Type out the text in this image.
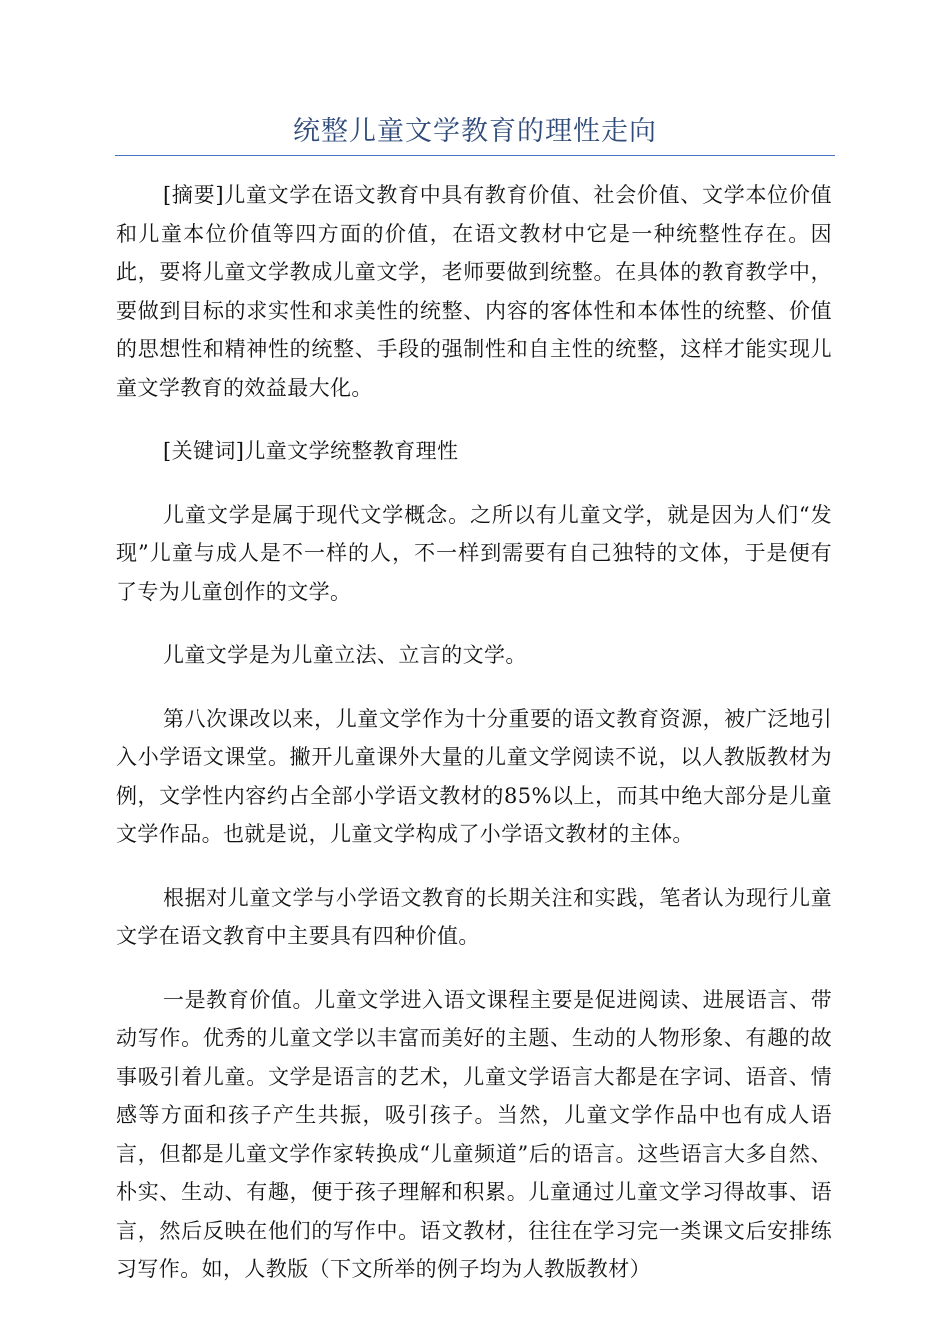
统整儿童文学教育的理性走向

[摘要]儿童文学在语文教育中具有教育价值、社会价值、文学本位价值和儿童本位价值等四方面的价值，在语文教材中它是一种统整性存在。因此，要将儿童文学教成儿童文学，老师要做到统整。在具体的教育教学中，要做到目标的求实性和求美性的统整、内容的客体性和本体性的统整、价值的思想性和精神性的统整、手段的强制性和自主性的统整，这样才能实现儿童文学教育的效益最大化。

[关键词]儿童文学统整教育理性

儿童文学是属于现代文学概念。之所以有儿童文学，就是因为人们“发现”儿童与成人是不一样的人，不一样到需要有自己独特的文体，于是便有了专为儿童创作的文学。

儿童文学是为儿童立法、立言的文学。

第八次课改以来，儿童文学作为十分重要的语文教育资源，被广泛地引入小学语文课堂。撇开儿童课外大量的儿童文学阅读不说，以人教版教材为例，文学性内容约占全部小学语文教材的85%以上，而其中绝大部分是儿童文学作品。也就是说，儿童文学构成了小学语文教材的主体。

根据对儿童文学与小学语文教育的长期关注和实践，笔者认为现行儿童文学在语文教育中主要具有四种价值。

一是教育价值。儿童文学进入语文课程主要是促进阅读、进展语言、带动写作。优秀的儿童文学以丰富而美好的主题、生动的人物形象、有趣的故事吸引着儿童。文学是语言的艺术，儿童文学语言大都是在字词、语音、情感等方面和孩子产生共振，吸引孩子。当然，儿童文学作品中也有成人语言，但都是儿童文学作家转换成“儿童频道”后的语言。这些语言大多自然、朴实、生动、有趣，便于孩子理解和积累。儿童通过儿童文学习得故事、语言，然后反映在他们的写作中。语文教材，往往在学习完一类课文后安排练习写作。如，人教版（下文所举的例子均为人教版教材）
